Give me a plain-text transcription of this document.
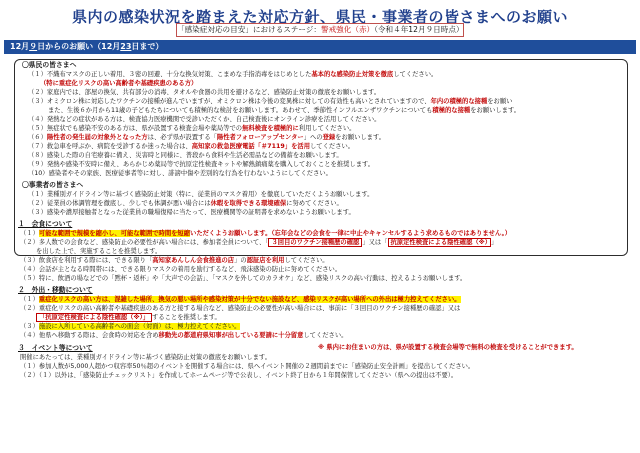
県内の感染状況を踏まえた対応方針、県民・事業者の皆さまへのお願い
「感染症対応の目安」におけるステージ：警戒強化（赤）（令和４年12月９日時点）
12月９日からのお願い（12月23日まで）
〇県民の皆さまへ
（１）不織布マスクの正しい着用、３密の回避、十分な換気対策、こまめな手指消毒をはじめとした基本的な感染防止対策を徹底してください。
（特に重症化リスクの高い高齢者や基礎疾患のある方）
（２）家庭内では、部屋の換気、共有部分の消毒、タオルや食器の共用を避けるなど、感染防止対策の徹底をお願いします。
（３）オミクロン株に対応したワクチンの接種が進んでいますが、オミクロン株は今後の変異株に対しての有効性も高いとされていますので、年内の積極的な接種をお願い
また、生後６か月から11歳の子どもたちについても積極的な検討をお願いします。あわせて、季節性インフルエンザワクチンについても積極的な接種をお願いします。
（４）発熱などの症状がある方は、検査協力医療機関で受診いただくか、自己検査後にオンライン診療を活用してください。
（５）無症状でも感染不安のある方は、県が設置する検査会場や薬局等での無料検査を積極的に利用してください。
（６）陽性者の発生届の対象外となった方は、必ず県が設置する「陽性者フォローアップセンター」への登録をお願いします。
（７）救急車を呼ぶか、病院を受診するか迷った場合は、高知家の救急医療電話「＃7119」を活用してください。
（８）感染した際の自宅療養に備え、災害時と同様に、普段から食料や生活必需品などの備蓄をお願いします。
（９）発熱や感染不安時に備え、あらかじめ薬局等で抗原定性検査キットや解熱鎮痛薬を購入しておくことを推奨します。
（10）感染者やその家族、医療従事者等に対し、誹謗中傷や差別的な行為を行わないようにしてください。
〇事業者の皆さまへ
（１）業種別ガイドライン等に基づく感染防止対策（特に、従業員のマスク着用）を徹底していただくようお願いします。
（２）従業員の体調管理を徹底し、少しでも体調が悪い場合には休暇を取得できる環境確保に努めてください。
（３）感染や濃厚接触者となった従業員の職場復帰に当たって、医療機関等の証明書を求めないようお願いします。
１　会食について
（１）可能な範囲で規模を縮小し、可能な範囲で時間を短縮いただくようお願いします。（忘年会などの会食を一律に中止やキャンセルするよう求めるものではありません。）
（２）多人数での会食など、感染防止の必要性が高い場合には、参加者全員について、「 ３回目のワクチン接種歴の確認 」又は「 抗原定性検査による陰性確認（※） 」
を出した上で、実施することを推奨します。
（３）飲食店を利用する際には、できる限り「高知家あんしん会食推進の店」の認証店を利用してください。
（４）会話が主となる時間帯には、できる限りマスクの着用を励行するなど、飛沫感染の防止に努めてください。
（５）特に、飲酒の場などでの「黙杯・返杯」や「大声での会話」、「マスクを外してのカラオケ」など、感染リスクの高い行動は、控えるようお願いします。
２　外出・移動について
（１）重症化リスクの高い方は、混雑した場所、換気の悪い場所や感染対策が十分でない施設など、感染リスクが高い場所への外出は極力控えてください。
（２）重症化リスクの高い高齢者や基礎疾患のある方と接する場合など、感染防止の必要性が高い場合には、事前に「３回目のワクチン接種歴の確認」又は
「抗原定性検査による陰性確認（※）」 することを推奨します。
（３）施設に入所している高齢者への面会（対面）は、極力控えてください。
（４）他県へ移動する際は、会食時の対応を含め移動先の都道府県知事が出している要請に十分留意してください。
３　イベント等について	※ 県内にお住まいの方は、県が設置する検査会場等で無料の検査を受けることができます。
開催にあたっては、業種別ガイドライン等に基づく感染防止対策の徹底をお願いします。
（１）参加人数が5,000人超かつ収容率50％超のイベントを開催する場合には、県へイベント開催の２週間前までに「感染防止安全計画」を提出してください。
（２）（１）以外は、「感染防止チェックリスト」を作成してホームページ等で公表し、イベント終了日から１年間保管してください（県への提出は不要）。
